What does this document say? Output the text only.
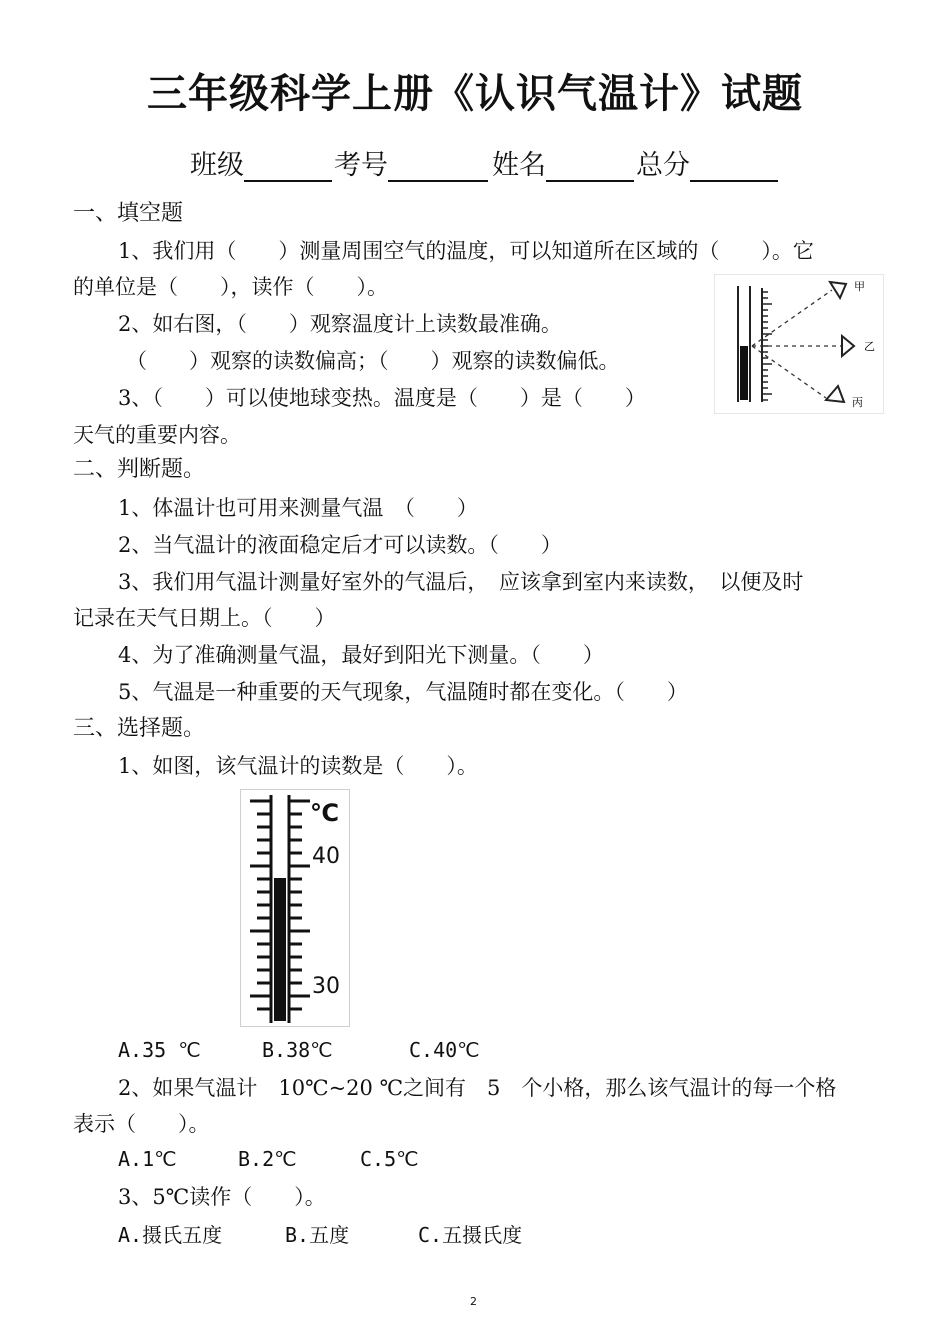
三年级科学上册《认识气温计》试题
班级	考号	姓名	总分
一、填空题
1、我们用（　　）测量周围空气的温度，可以知道所在区域的（　　）。它
的单位是（　　），读作（　　）。
2、如右图，（　　）观察温度计上读数最准确。
（　　）观察的读数偏高；（　　）观察的读数偏低。
3、（　　）可以使地球变热。温度是（　　）是（　　）
天气的重要内容。
甲
乙
丙
二、判断题。
1、体温计也可用来测量气温　（　　）
2、当气温计的液面稳定后才可以读数。（　　）
3、我们用气温计测量好室外的气温后，　应该拿到室内来读数，　以便及时
记录在天气日期上。（　　）
4、为了准确测量气温，最好到阳光下测量。（　　）
5、气温是一种重要的天气现象，气温随时都在变化。（　　）
三、选择题。
1、如图，该气温计的读数是（　　）。
℃
40
30
A.35 ℃	B.38℃	C.40℃
2、如果气温计　10℃~20 ℃之间有　5　个小格，那么该气温计的每一个格
表示（　　）。
A.1℃	B.2℃	C.5℃
3、5℃读作（　　）。
A.摄氏五度	B.五度	C.五摄氏度
2
